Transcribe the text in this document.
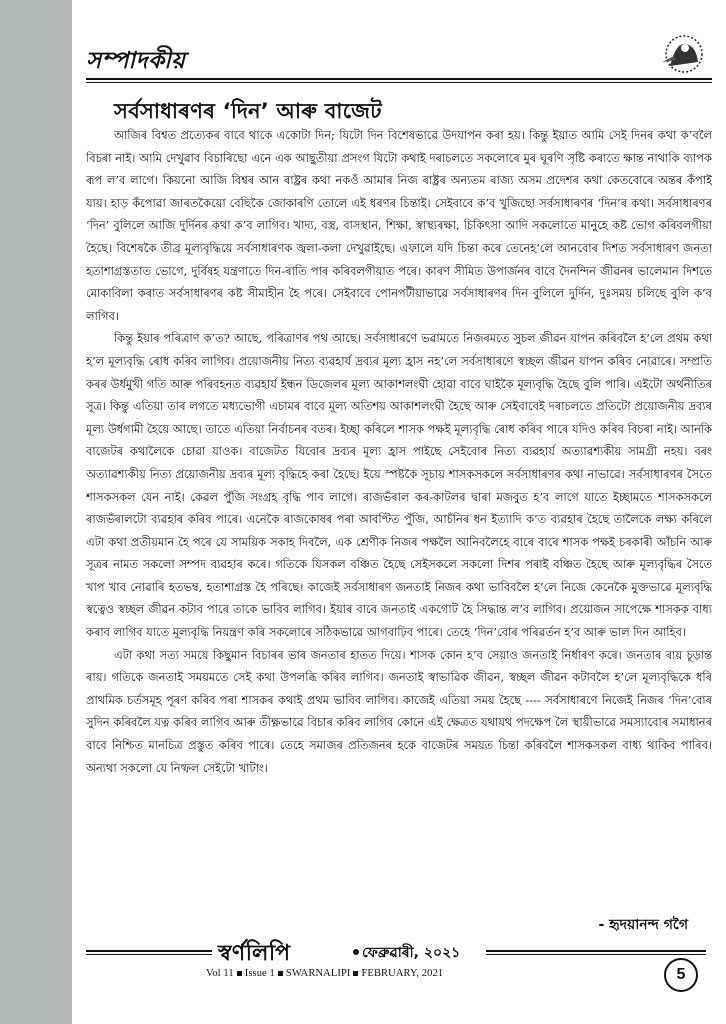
সম্পাদকীয়
সৰ্বসাধাৰণৰ ‘দিন’ আৰু বাজেট

আজিৰ বিশ্বত প্ৰত্যেকৰ বাবে থাকে একোটা দিন; যিটো দিন বিশেষভাৱে উদযাপন কৰা হয়। কিন্তু ইয়াত আমি সেই দিনৰ কথা ক’বলৈ বিচৰা নাই। আমি দেখুৱাব বিচাৰিছো এনে এক আছুতীয়া প্ৰসংগ যিটো কথাই দৰাচলতে সকলোৰে মুৰ ঘূৰণি সৃষ্টি কৰাতে ক্ষান্ত নাথাকি ব্যাপক ৰূপ ল’ব লাগে। কিয়নো আজি বিশ্বৰ আন ৰাষ্ট্ৰৰ কথা নকওঁ আমাৰ নিজ ৰাষ্ট্ৰৰ অন্যতম ৰাজ্য অসম প্ৰদেশৰ কথা কেতবোৰে অন্তৰ কঁপাই যায়। হাড় কঁপোৱা জাৰতকৈয়ো বেছিকৈ জোকাৰণি তোলে এই ধৰণৰ চিন্তাই। সেইবাবে ক’ব খুজিছো সৰ্বসাধাৰণৰ ‘দিন’ৰ কথা। সৰ্বসাধাৰণৰ ‘দিন’ বুলিলে আজি দুৰ্দিনৰ কথা ক’ব লাগিব। খাদ্য, বস্ত্ৰ, বাসস্থান, শিক্ষা, স্বাস্থ্যৰক্ষা, চিকিৎসা আদি সকলোতে মানুহে কষ্ট ভোগ কৰিবলগীয়া হৈছে। বিশেষকৈ তীব্ৰ মূল্যবৃদ্ধিয়ে সৰ্বসাধাৰণক জ্বলা-কলা দেখুৱাইছে। এফালে যদি চিন্তা কৰে তেনেহ’লে আনবোৰ দিশত সৰ্বসাধাৰণ জনতা হতাশাগ্ৰস্ততাত ভোগে, দুৰ্বিষহ যন্ত্ৰণাতে দিন-ৰাতি পাৰ কৰিবলগীয়াত পৰে। কাৰণ সীমিত উপাৰ্জনৰ বাবে দৈনন্দিন জীৱনৰ ভালেমান দিশতে মোকাবিলা কৰাত সৰ্বসাধাৰণৰ কষ্ট সীমাহীন হৈ পৰে। সেইবাবে পোনপটীয়াভাৱে সৰ্বসাধাৰণৰ দিন বুলিলে দুৰ্দিন, দুঃসময় চলিছে বুলি ক’ব লাগিব।

কিন্তু ইয়াৰ পৰিত্ৰাণ ক’ত? আছে, পৰিত্ৰাণৰ পথ আছে। সৰ্বসাধাৰণে ভৱামতে নিজৰমতে সুচল জীৱন যাপন কৰিবলৈ হ’লে প্ৰথম কথা হ’ল মূল্যবৃদ্ধি ৰোধ কৰিব লাগিব। প্ৰয়োজনীয় নিত্য ব্যৱহাৰ্য দ্ৰব্যৰ মূল্য হ্ৰাস নহ’লে সৰ্বসাধাৰণে স্বচ্ছল জীৱন যাপন কৰিব নোৱাৰে। সম্প্ৰতি কৰৰ উৰ্ধমুখী গতি আৰু পৰিবহনত ব্যৱহাৰ্য ইন্ধন ডিজেলৰ মূল্য আকাশলংঘী হোৱা বাবে ঘাইকৈ মূল্যবৃদ্ধি হৈছে বুলি পাৰি। এইটো অৰ্থনীতিৰ সূত্ৰ। কিন্তু এতিয়া তাৰ লগতে মধ্যভোগী এচামৰ বাবে মূল্য অতিশয় আকাশলংঘী হৈছে আৰু সেইবাবেই দৰাচলতে প্ৰতিটো প্ৰয়োজনীয় দ্ৰব্যৰ মূল্য উৰ্ধগামী হৈয়ে আছে। তাতে এতিয়া নিৰ্বাচনৰ বতৰ। ইচ্ছা কৰিলে শাসক পক্ষই মূল্যবৃদ্ধি ৰোধ কৰিব পাৰে যদিও কৰিব বিচৰা নাই। আনকি বাজেটৰ কথালৈকে চোৱা যাওক। বাজেটত যিবোৰ দ্ৰব্যৰ মূল্য হ্ৰাস পাইছে সেইবোৰ নিত্য ব্যৱহাৰ্য অত্যাৱশ্যকীয় সামগ্ৰী নহয়। বৰং অত্যাৱশ্যকীয় নিত্য প্ৰয়োজনীয় দ্ৰব্যৰ মূল্য বৃদ্ধিহে কৰা হৈছে। ইয়ে স্পষ্টকৈ সূচায় শাসকসকলে সৰ্বসাধাৰণৰ কথা নাভাৱে। সৰ্বসাধাৰণৰ সৈতে শাসকসকল যেন নাই। কেৱল পুঁজি সংগ্ৰহ বৃদ্ধি পাব লাগে। ৰাজভঁৰাল কৰ-কাটলৰ দ্বাৰা মজবুত হ’ব লাগে যাতে ইচ্ছামতে শাসকসকলে ৰাজভঁৰালটো ব্যৱহাৰ কৰিব পাৰে। এনেকৈ ৰাজকোষৰ পৰা আবণ্টিত পুঁজি, আচঁনিৰ ধন ইত্যাদি ক’ত ব্যৱহাৰ হৈছে তালৈকে লক্ষ্য কৰিলে এটা কথা প্ৰতীয়মান হৈ পৰে যে সাময়িক সকাহ দিবলৈ, এক শ্ৰেণীক নিজৰ পক্ষলৈ আনিবলৈহে বাৰে বাৰে শাসক পক্ষই চৰকাৰী আঁচনি আৰু সূত্ৰৰ নামত সকলো সম্পদ ব্যৱহাৰ কৰে। গতিকে যিসকল বঞ্চিত হৈছে সেইসকলে সকলো দিশৰ পৰাই বঞ্চিত হৈছে আৰু মূল্যবৃদ্ধিৰ সৈতে খাপ খাব নোৱাৰি হতভম্ব, হতাশাগ্ৰস্ত হৈ পৰিছে। কাজেই সৰ্বসাধাৰণ জনতাই নিজৰ কথা ভাবিবলৈ হ’লে নিজে কেনেকৈ মুক্তভাৱে মূল্যবৃদ্ধি স্বত্বেও স্বচ্ছল জীৱন কটাব পাৰে তাকে ভাবিব লাগিব। ইয়াৰ বাবে জনতাই একগোট হৈ সিদ্ধান্ত ল’ব লাগিব। প্ৰয়োজন সাপেক্ষে শাসকক বাধ্য কৰাব লাগিব যাতে মূল্যবৃদ্ধি নিয়ন্ত্ৰণ কৰি সকলোৰে সঠিকভাৱে আগবাঢ়িব পাৰে। তেহে ‘দিন’বোৰ পৰিৱৰ্তন হ’ব আৰু ভাল দিন আহিব।

এটা কথা সত্য সময়ে কিছুমান বিচাৰৰ ভাৰ জনতাৰ হাতত দিয়ে। শাসক কোন হ’ব সেয়াও জনতাই নিৰ্ধাৰণ কৰে। জনতাৰ ৰায় চূড়ান্ত ৰায়। গতিকে জনতাই সময়মতে সেই কথা উপলব্ধি কৰিব লাগিব। জনতাই স্বাভাৱিক জীৱন, স্বচ্ছল জীৱন কটাবলৈ হ’লে মূল্যবৃদ্ধিকে ধৰি প্ৰাথমিক চৰ্তসমূহ পূৰণ কৰিব পৰা শাসকৰ কথাই প্ৰথম ভাবিব লাগিব। কাজেই এতিয়া সময় হৈছে ---- সৰ্বসাধাৰণে নিজেই নিজৰ ‘দিন’বোৰ সুদিন কৰিবলৈ যত্ন কৰিব লাগিব আৰু তীক্ষ্ণভাৱে বিচাৰ কৰিব লাগিব কোনে এই ক্ষেত্ৰত যথাযথ পদক্ষেপ লৈ স্থায়ীভাৱে সমস্যাবোৰ সমাধানৰ বাবে নিশ্চিত মানচিত্ৰ প্ৰস্তুত কৰিব পাৰে। তেহে সমাজৰ প্ৰতিজনৰ হকে বাজেটৰ সময়ত চিন্তা কৰিবলৈ শাসকসকল বাধ্য থাকিব পাৰিব। অন্যথা সকলো যে নিষ্ফল সেইটো খাটাং।

- হৃদয়ানন্দ গগৈ
স্বৰ্ণলিপি	ফেব্ৰুৱাৰী, ২০২১
Vol 11 Issue 1 SWARNALIPI FEBRUARY, 2021	5
